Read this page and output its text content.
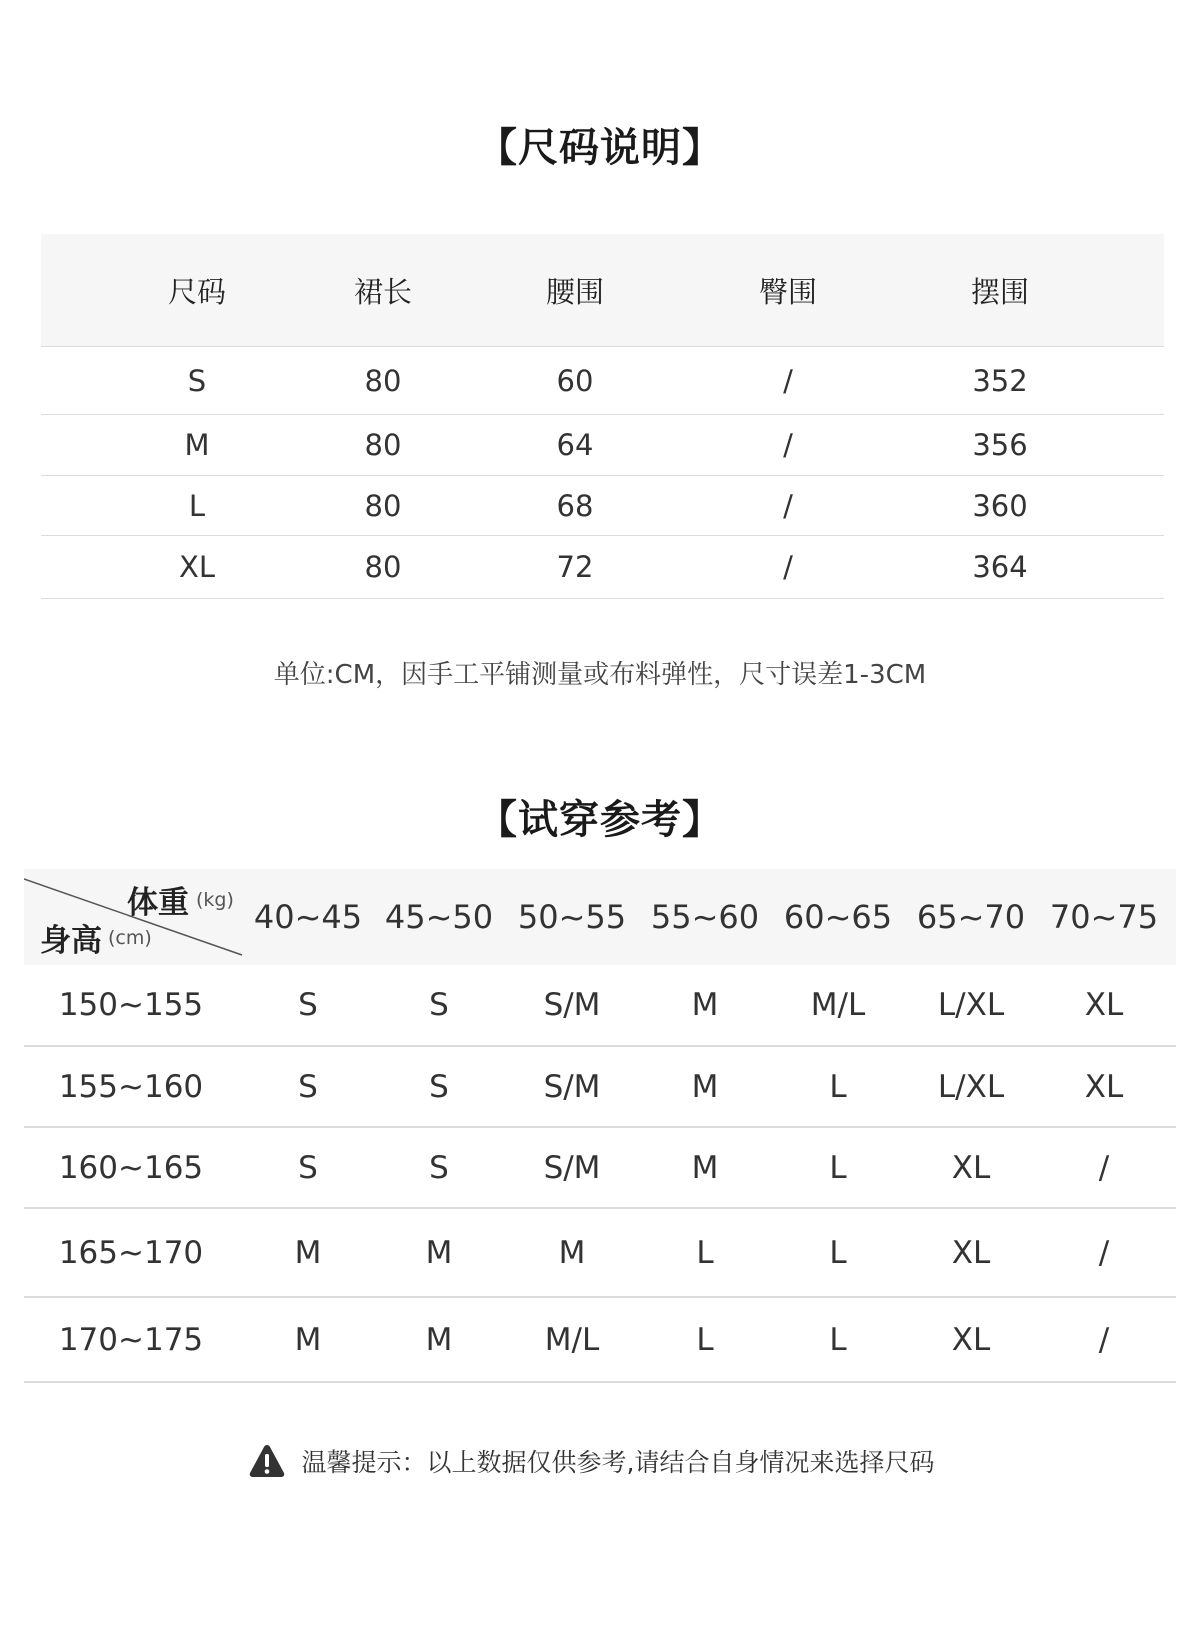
【尺码说明】
尺码	裙长	腰围	臀围	摆围
S	80	60	/	352
M	80	64	/	356
L	80	68	/	360
XL	80	72	/	364
单位:CM，因手工平铺测量或布料弹性，尺寸误差1-3CM
【试穿参考】
体重 (kg)
身高 (cm)
40~45 45~50 50~55 55~60 60~65 65~70 70~75
150~155	S	S	S/M	M	M/L	L/XL	XL
155~160	S	S	S/M	M	L	L/XL	XL
160~165	S	S	S/M	M	L	XL	/
165~170	M	M	M	L	L	XL	/
170~175	M	M	M/L	L	L	XL	/
温馨提示：以上数据仅供参考,请结合自身情况来选择尺码
